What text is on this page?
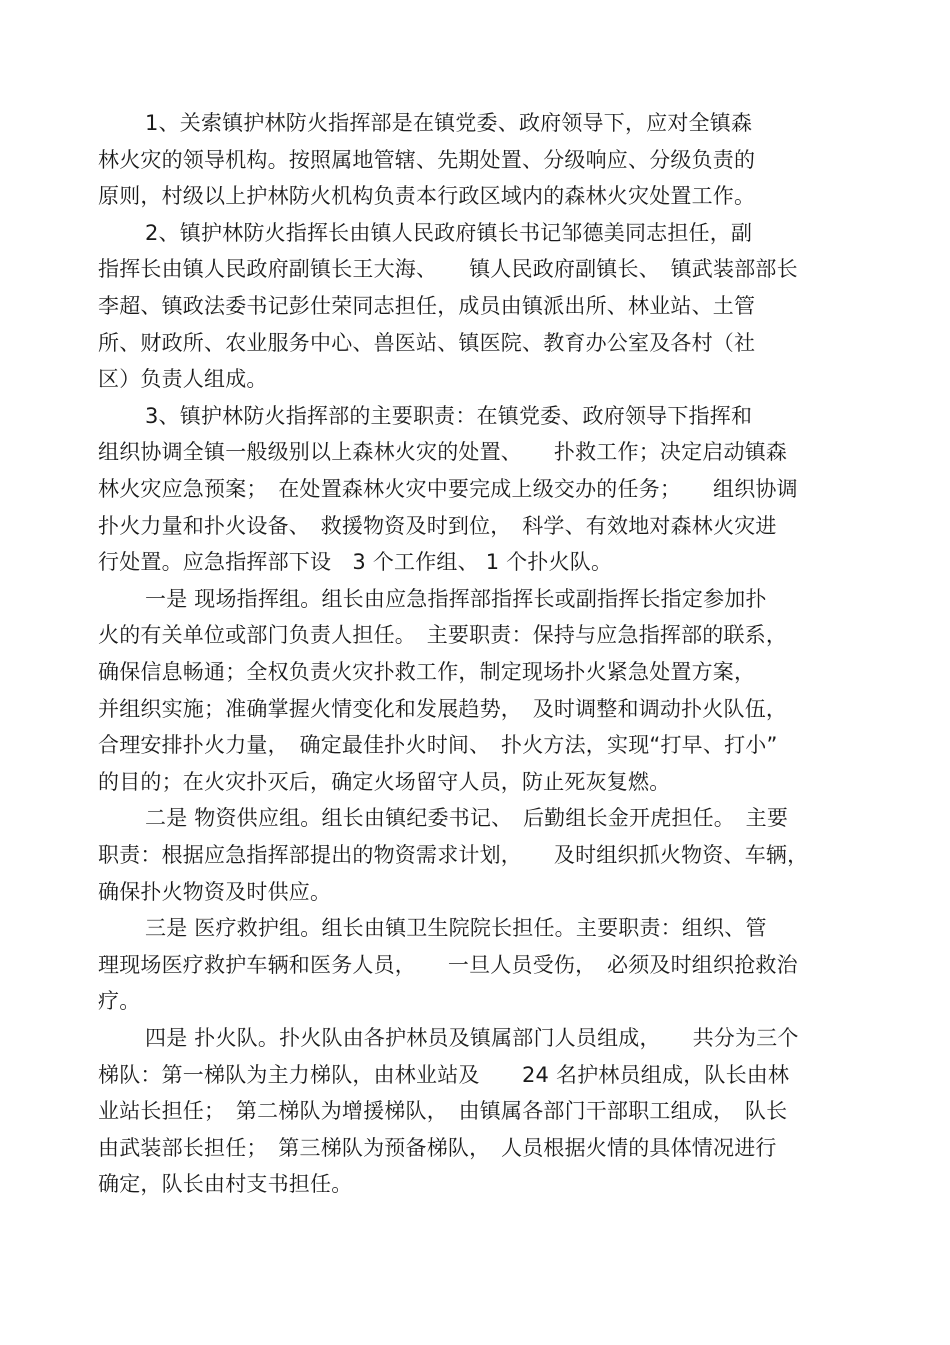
1、关索镇护林防火指挥部是在镇党委、政府领导下，应对全镇森
林火灾的领导机构。按照属地管辖、先期处置、分级响应、分级负责的
原则，村级以上护林防火机构负责本行政区域内的森林火灾处置工作。
2、镇护林防火指挥长由镇人民政府镇长书记邹德美同志担任，副
指挥长由镇人民政府副镇长王大海、　　镇人民政府副镇长、　镇武装部部长
李超、镇政法委书记彭仕荣同志担任，成员由镇派出所、林业站、土管
所、财政所、农业服务中心、兽医站、镇医院、教育办公室及各村（社
区）负责人组成。
3、镇护林防火指挥部的主要职责：在镇党委、政府领导下指挥和
组织协调全镇一般级别以上森林火灾的处置、　　扑救工作；决定启动镇森
林火灾应急预案；　在处置森林火灾中要完成上级交办的任务；　　组织协调
扑火力量和扑火设备、　救援物资及时到位，　科学、有效地对森林火灾进
行处置。应急指挥部下设　3 个工作组、 1 个扑火队。
一是 现场指挥组。组长由应急指挥部指挥长或副指挥长指定参加扑
火的有关单位或部门负责人担任。　主要职责：保持与应急指挥部的联系，
确保信息畅通；全权负责火灾扑救工作，制定现场扑火紧急处置方案，
并组织实施；准确掌握火情变化和发展趋势，　及时调整和调动扑火队伍，
合理安排扑火力量，　确定最佳扑火时间、　扑火方法，实现“打早、打小”
的目的；在火灾扑灭后，确定火场留守人员，防止死灰复燃。
二是 物资供应组。组长由镇纪委书记、　后勤组长金开虎担任。　主要
职责：根据应急指挥部提出的物资需求计划，　　及时组织抓火物资、车辆，
确保扑火物资及时供应。
三是 医疗救护组。组长由镇卫生院院长担任。主要职责：组织、管
理现场医疗救护车辆和医务人员，　　一旦人员受伤，　必须及时组织抢救治
疗。
四是 扑火队。扑火队由各护林员及镇属部门人员组成，　　共分为三个
梯队：第一梯队为主力梯队，由林业站及　　24 名护林员组成，队长由林
业站长担任；　第二梯队为增援梯队，　由镇属各部门干部职工组成，　队长
由武装部长担任；　第三梯队为预备梯队，　人员根据火情的具体情况进行
确定，队长由村支书担任。
